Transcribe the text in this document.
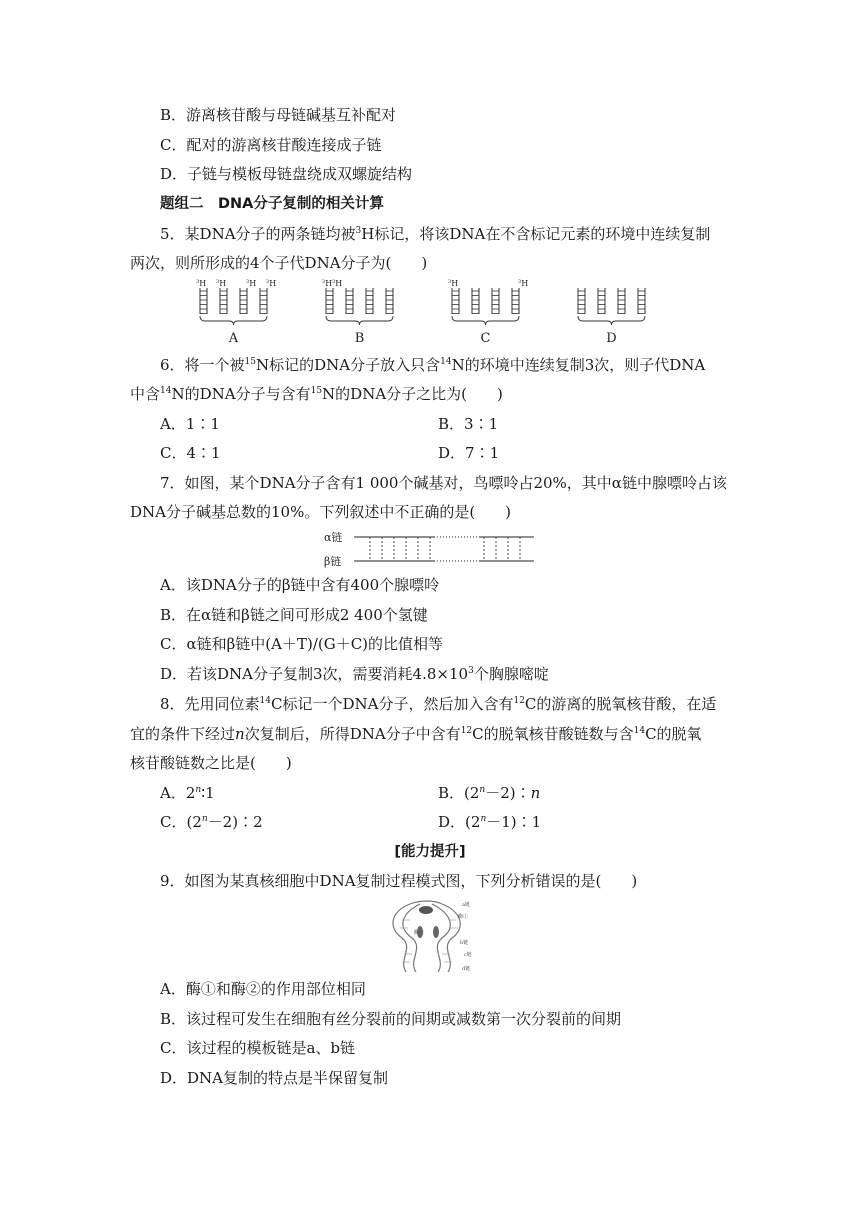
B．游离核苷酸与母链碱基互补配对
C．配对的游离核苷酸连接成子链
D．子链与模板母链盘绕成双螺旋结构
题组二　DNA分子复制的相关计算
5．某DNA分子的两条链均被$^3$H标记，将该DNA在不含标记元素的环境中连续复制
两次，则所形成的4个子代DNA分子为(　　)
$^3$H $^3$H	$^3$H $^3$H
A
$^3$H $^3$H
B
$^3$H	$^3$H
C	D
6．将一个被$^{15}$N标记的DNA分子放入只含$^{14}$N的环境中连续复制3次，则子代DNA
中含$^{14}$N的DNA分子与含有$^{15}$N的DNA分子之比为(　　)
A．1∶1	B．3∶1
C．4∶1	D．7∶1
7．如图，某个DNA分子含有1 000个碱基对，鸟嘌呤占20%，其中α链中腺嘌呤占该
DNA分子碱基总数的10%。下列叙述中不正确的是(　　)
α链
β链
A．该DNA分子的β链中含有400个腺嘌呤
B．在α链和β链之间可形成2 400个氢键
C．α链和β链中(A＋T)/(G＋C)的比值相等
D．若该DNA分子复制3次，需要消耗$4.8\times 10^3$个胸腺嘧啶
8．先用同位素$^{14}$C标记一个DNA分子，然后加入含有$^{12}$C的游离的脱氧核苷酸，在适
宜的条件下经过n次复制后，所得DNA分子中含有$^{12}$C的脱氧核苷酸链数与含$^{14}$C的脱氧
核苷酸链数之比是(　　)
A．2$^n$∶1	B．$(2^n-2)∶n$
C．$(2^n-2)∶2$	D．$(2^n-1)∶1$
[能力提升]
9．如图为某真核细胞中DNA复制过程模式图，下列分析错误的是(　　)
a链
酶①
酶②
b链
c链
d链
A．酶①和酶②的作用部位相同
B．该过程可发生在细胞有丝分裂前的间期或减数第一次分裂前的间期
C．该过程的模板链是a、b链
D．DNA复制的特点是半保留复制
